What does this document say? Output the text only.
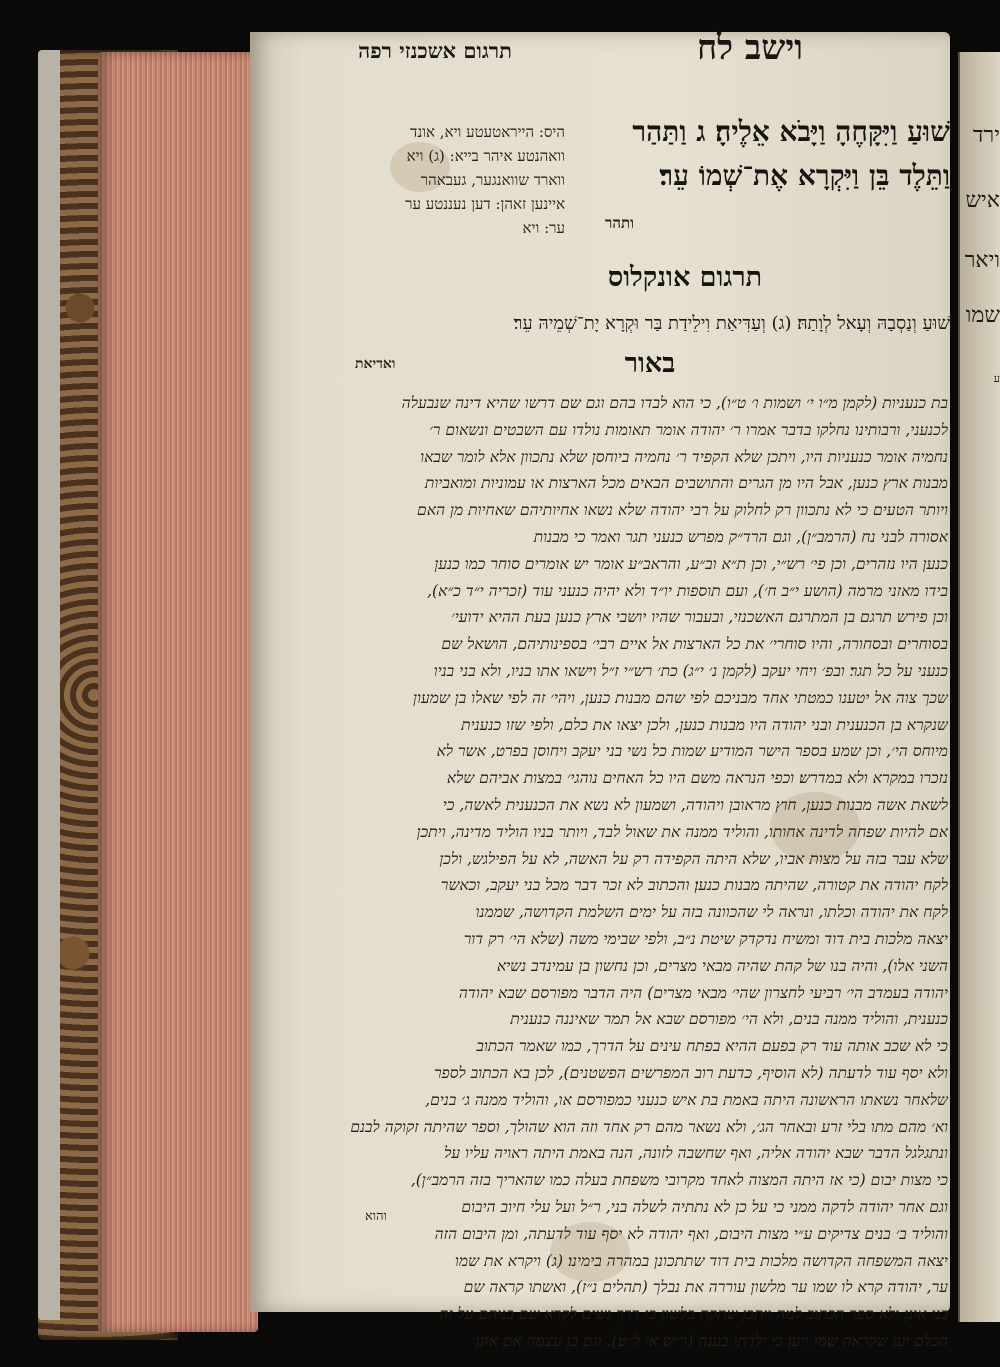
ירד
איש
ויאר
שמו
ע
תרגום אשכנזי רפה	וישב לח
היס: הייראטעטע ויא, אונד
וואהנטע איהר בייא: (ג) ויא
ווארד שוואנגער, געבאהר
איינען זאהן: דען נעננטע ער
ער: ויא
שׁוּעַ וַיִּקָּחֶהָ וַיָּבֹא אֵלֶיהָ׃ ג וַתַּהַר
וַתֵּלֶד בֵּן וַיִּקְרָא אֶת־שְׁמוֹ עֵר׃
ותהר
תרגום אונקלוס
שׁוּעַ וְנַסְבַהּ וְעָאל לְוָתַהּ׃ (ג) וְעַדִּיאַת וִילֵידַת בַּר וּקְרָא יָת־שְׁמֵיהּ עֵר׃
באור
ואדיאת
בת כנעניות (לקמן מ״ו י׳ ושמות ו׳ ט״ו), כי הוא לבדו בהם וגם שם דרשו שהיא דינה שנבעלה
לכנעני, ורבותינו נחלקו בדבר אמרו ר׳ יהודה אומר תאומות נולדו עם השבטים ונשאום ר׳
נחמיה אומר כנעניות היו, ויתכן שלא הקפיד ר׳ נחמיה ביוחסן שלא נתכוון אלא לומר שבאו
מבנות ארץ כנען, אבל היו מן הגרים והתושבים הבאים מכל הארצות או עמוניות ומואביות
ויותר הטעים כי לא נתכוון רק לחלוק על רבי יהודה שלא נשאו אחיותיהם שאחיות מן האם
אסורה לבני נח (הרמב״ן), וגם הרד״ק מפרש כנעני תגר ואמר כי מבנות
כנען היו נזהרים, וכן פי׳ רש״י, וכן ת״א וב״ע, והראב״ע אומר יש אומרים סוחר כמו כנען
בידו מאזני מרמה (הושע י״ב ח׳), ועם תוספות יו״ד ולא יהיה כנעני עוד (זכריה י״ד כ״א),
וכן פירש תרגם בן המתרגם האשכנזי, ובעבור שהיו יושבי ארץ כנען בעת ההיא ידועי׳
בסוחרים ובסחורה, והיו סוחרי׳ את כל הארצות אל איים רבי׳ בספינותיהם, הושאל שם
כנעני על כל תגר׃ ובפ׳ ויחי יעקב (לקמן נ׳ י״ג) כת׳ רש״י ז״ל וישאו אתו בניו, ולא בני בניו
שכך צוה אל יטענו כמטתי אחד מבניכם לפי שהם מבנות כנען, ויהי׳ זה לפי שאלו בן שמעון
שנקרא בן הכנענית ובני יהודה היו מבנות כנען, ולכן יצאו את כלם, ולפי שזו כנענית
מיוחס הי׳, וכן שמע בספר הישר המודיע שמות כל נשי בני יעקב ויחוסן בפרט, אשר לא
נזכרו במקרא ולא במדרש׃ וכפי הנראה משם היו כל האחים נוהגי׳ במצות אביהם שלא
לשאת אשה מבנות כנען, חוץ מראובן ויהודה, ושמעון לא נשא את הכנענית לאשה, כי
אם להיות שפחה לדינה אחותו, והוליד ממנה את שאול לבד, ויותר בניו הוליד מדינה, ויתכן
שלא עבר בזה על מצות אביו, שלא היתה הקפידה רק על האשה, לא על הפילגש, ולכן
לקח יהודה את קטורה, שהיתה מבנות כנען׃ והכתוב לא זכר דבר מכל בני יעקב, וכאשר
לקח את יהודה וכלתו, ונראה לי שהכוונה בזה על ימים השלמת הקדושה, שממנו
יצאה מלכות בית דוד ומשיח נדקדק שיטת נ״ב, ולפי שבימי משה (שלא הי׳ רק דור
השני אלו), והיה בנו של קהת שהיה מבאי מצרים, וכן נחשון בן עמינדב נשיא
יהודה בעמדב הי׳ רביעי לחצרון שהי׳ מבאי מצרים) היה הדבר מפורסם שבא יהודה
כנענית, והוליד ממנה בנים, ולא הי׳ מפורסם שבא אל תמר שאיננה כנענית
כי לא שכב אותה עוד רק בפעם ההיא בפתח עינים על הדרך, כמו שאמר הכתוב
ולא יסף עוד לדעתה (לא הוסיף, כדעת רוב המפרשים הפשטנים), לכן בא הכתוב לספר
שלאחר נשאתו הראשונה היתה באמת בת איש כנעני כמפורסם או, והוליד ממנה ג׳ בנים,
וא׳ מהם מתו בלי זרע ובאחר הג׳, ולא נשאר מהם רק אחד וזה הוא שהולך, וספר שהיתה זקוקה לבנם
ונתגלגל הדבר שבא יהודה אליה, ואף שחשבה לזונה, הנה באמת היתה ראויה עליו על
כי מצות יבום (כי אז היתה המצוה לאחד מקרובי משפחת בעלה כמו שהאריך בזה הרמב״ן),
וגם אחר יהודה לדקה ממני כי על כן לא נתתיה לשלה בני, ר״ל ועל עלי חיוב היבום
והוליד ב׳ בנים צדיקים ע״י מצות היבום, ואף יהודה לא יסף עוד לדעתה, ומן היבום הזה
יצאה המשפחה הקדושה מלכות בית דוד שתתכונן במהרה בימינו׃ (ג) ויקרא את שמו
ער, יהודה קרא לו שמו ער מלשון עוררה את נבלך (תהלים נ״ז), ואשתו קראה שם
בני אונן ולא ספר הכתוב למה ויתכן שתקח בלשון כי דרך נשים לקרא שם בניהם על זה
הכלם יען שקראה שמו ויען כי ילדתו בענה (ר״ש א׳ ל״ט), וגם בן עצמה אם אונן
והוא
